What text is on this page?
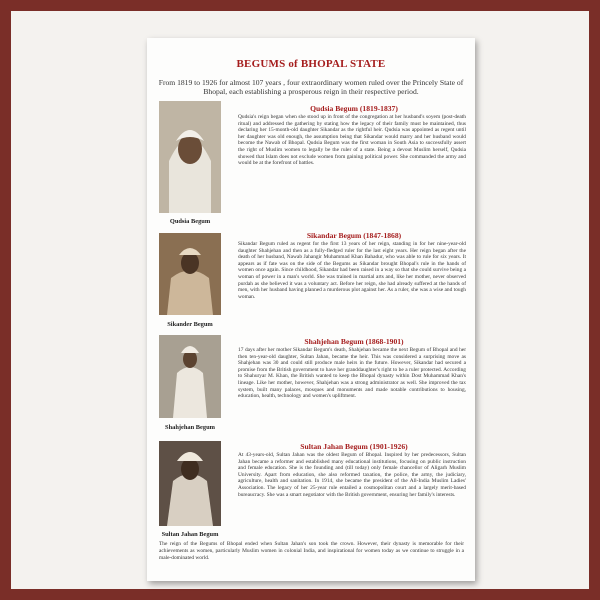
BEGUMS of BHOPAL STATE
From 1819 to 1926 for almost 107 years , four extraordinary women ruled over the Princely State of Bhopal, each establishing a prosperous reign in their respective period.
Qudsia Begum
Qudsia Begum (1819-1837)
Qudsia's reign began when she stood up in front of the congregation at her husband's soyem (post-death ritual) and addressed the gathering by stating how the legacy of their family must be maintained, thus declaring her 15-month-old daughter Sikandar as the rightful heir. Qudsia was appointed as regent until her daughter was old enough, the assumption being that Sikandar would marry and her husband would become the Nawab of Bhopal. Qudsia Begum was the first woman in South Asia to successfully assert the right of Muslim women to legally be the ruler of a state. Being a devout Muslim herself, Qudsia showed that Islam does not exclude women from gaining political power. She commanded the army and would be at the forefront of battles.
Sikander Begum
Sikandar Begum (1847-1868)
Sikandar Begum ruled as regent for the first 13 years of her reign, standing in for her nine-year-old daughter Shahjehan and then as a fully-fledged ruler for the last eight years. Her reign began after the death of her husband, Nawab Jahangir Muhammad Khan Bahadur, who was able to rule for six years. It appears as if fate was on the side of the Begums as Sikandar brought Bhopal's rule in the hands of women once again. Since childhood, Sikandar had been raised in a way so that she could survive being a woman of power in a man's world. She was trained in martial arts and, like her mother, never observed purdah as she believed it was a voluntary act. Before her reign, she had already suffered at the hands of men, with her husband having planned a murderous plot against her. As a ruler, she was a wise and tough woman.
Shahjehan Begum
Shahjehan Begum (1868-1901)
17 days after her mother Sikandar Begum's death, Shahjehan became the next Begum of Bhopal and her then ten-year-old daughter, Sultan Jahan, became the heir. This was considered a surprising move as Shahjehan was 30 and could still produce male heirs in the future. However, Sikandar had secured a promise from the British government to have her granddaughter's right to be a ruler protected. According to Shahuryar M. Khan, the British wanted to keep the Bhopal dynasty within Dost Muhammad Khan's lineage. Like her mother, however, Shahjehan was a strong administrator as well. She improved the tax system, built many palaces, mosques and monuments and made notable contributions to housing, education, health, technology and women's upliftment.
Sultan Jahan Begum
Sultan Jahan Begum (1901-1926)
At 43-years-old, Sultan Jahan was the oldest Begum of Bhopal. Inspired by her predecessors, Sultan Jahan became a reformer and established many educational institutions, focusing on public instruction and female education. She is the founding and (till today) only female chancellor of Aligarh Muslim University. Apart from education, she also reformed taxation, the police, the army, the judiciary, agriculture, health and sanitation. In 1914, she became the president of the All-India Muslim Ladies' Association. The legacy of her 25-year rule entailed a cosmopolitan court and a largely merit-based bureaucracy. She was a smart negotiator with the British government, ensuring her family's interests.
The reign of the Begums of Bhopal ended when Sultan Jahan's son took the crown. However, their dynasty is memorable for their achievements as women, particularly Muslim women in colonial India, and inspirational for women today as we continue to struggle in a male-dominated world.
